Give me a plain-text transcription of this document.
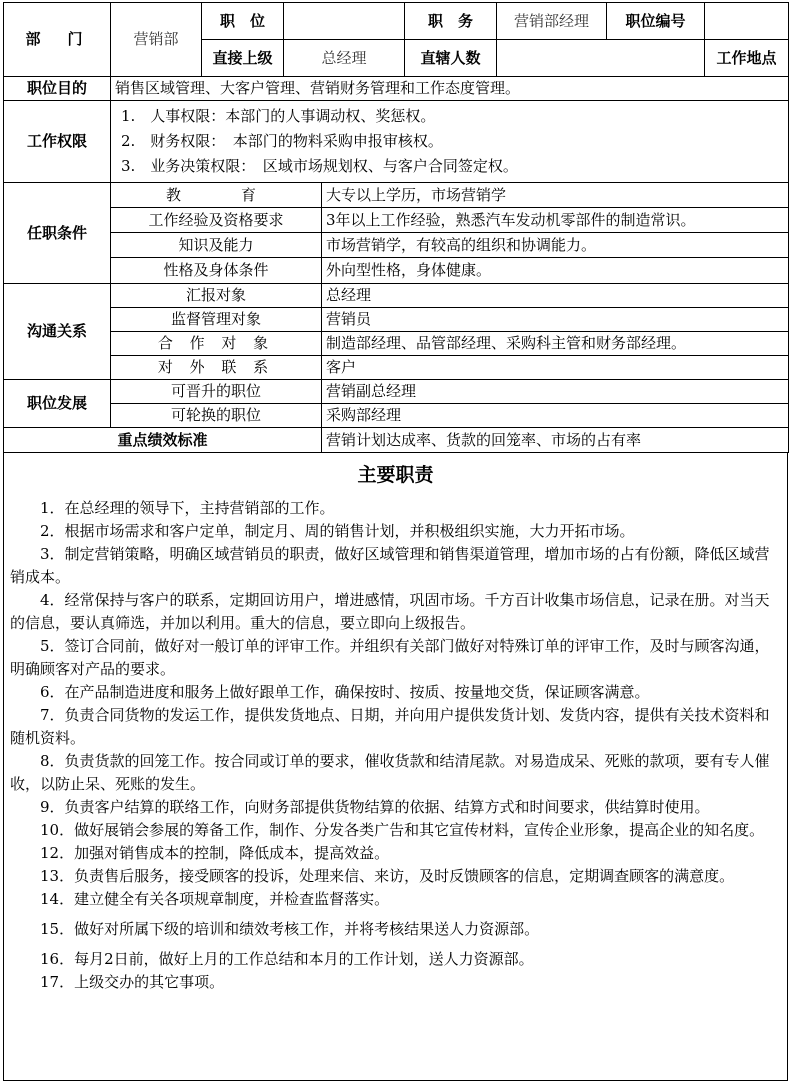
部　门	营销部	职　位			职　务	营销部经理	职位编号		
		直接上级	总经理		直辖人数			工作地点	
职位目的	销售区域管理、大客户管理、营销财务管理和工作态度管理。								
工作权限	1.　人事权限：本部门的人事调动权、奖惩权。
2.　财务权限：　本部门的物料采购申报审核权。
3.　业务决策权限：　区域市场规划权、与客户合同签定权。								

任职条件	教　　育			大专以上学历，市场营销学					
	工作经验及资格要求			3年以上工作经验，熟悉汽车发动机零部件的制造常识。					
	知识及能力			市场营销学，有较高的组织和协调能力。					
	性格及身体条件			外向型性格，身体健康。					
沟通关系	汇报对象			总经理					
	监督管理对象			营销员					
	合 作 对 象			制造部经理、品管部经理、采购科主管和财务部经理。					
	对 外 联 系			客户					
职位发展	可晋升的职位			营销副总经理					
	可轮换的职位			采购部经理					
重点绩效标准				营销计划达成率、货款的回笼率、市场的占有率					
主要职责

1．在总经理的领导下，主持营销部的工作。

2．根据市场需求和客户定单，制定月、周的销售计划，并积极组织实施，大力开拓市场。

3．制定营销策略，明确区域营销员的职责，做好区域管理和销售渠道管理，增加市场的占有份额，降低区域营销成本。

4．经常保持与客户的联系，定期回访用户，增进感情，巩固市场。千方百计收集市场信息，记录在册。对当天的信息，要认真筛选，并加以利用。重大的信息，要立即向上级报告。

5．签订合同前，做好对一般订单的评审工作。并组织有关部门做好对特殊订单的评审工作，及时与顾客沟通，明确顾客对产品的要求。

6．在产品制造进度和服务上做好跟单工作，确保按时、按质、按量地交货，保证顾客满意。

7．负责合同货物的发运工作，提供发货地点、日期，并向用户提供发货计划、发货内容，提供有关技术资料和随机资料。

8．负责货款的回笼工作。按合同或订单的要求，催收货款和结清尾款。对易造成呆、死账的款项，要有专人催收，以防止呆、死账的发生。

9．负责客户结算的联络工作，向财务部提供货物结算的依据、结算方式和时间要求，供结算时使用。

10．做好展销会参展的筹备工作，制作、分发各类广告和其它宣传材料，宣传企业形象，提高企业的知名度。

12．加强对销售成本的控制，降低成本，提高效益。

13．负责售后服务，接受顾客的投诉，处理来信、来访，及时反馈顾客的信息，定期调查顾客的满意度。

14．建立健全有关各项规章制度，并检查监督落实。

15．做好对所属下级的培训和绩效考核工作，并将考核结果送人力资源部。

16．每月2日前，做好上月的工作总结和本月的工作计划，送人力资源部。

17．上级交办的其它事项。
